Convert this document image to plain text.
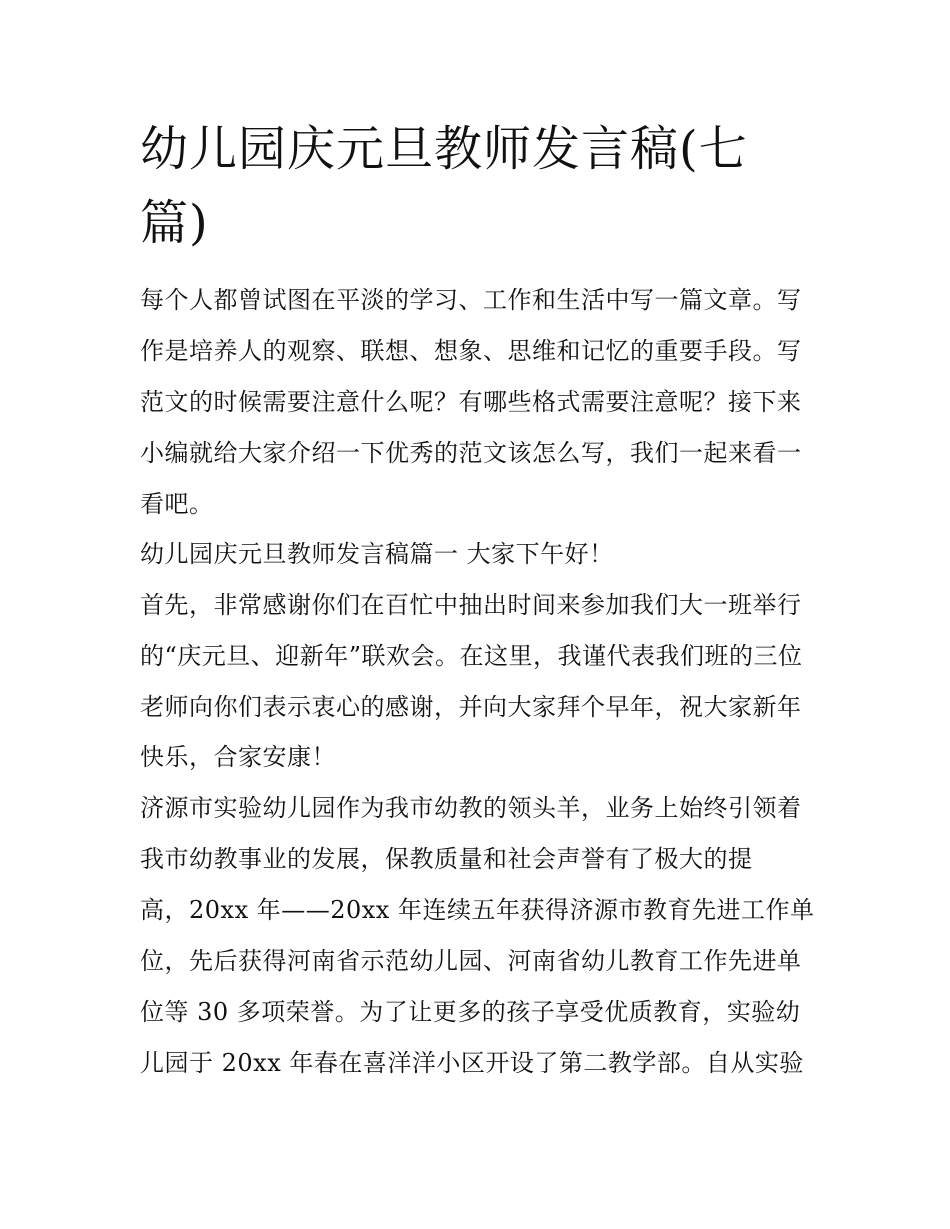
幼儿园庆元旦教师发言稿(七
篇)

每个人都曾试图在平淡的学习、工作和生活中写一篇文章。写

作是培养人的观察、联想、想象、思维和记忆的重要手段。写

范文的时候需要注意什么呢？有哪些格式需要注意呢？接下来

小编就给大家介绍一下优秀的范文该怎么写，我们一起来看一

看吧。

幼儿园庆元旦教师发言稿篇一 大家下午好！

首先，非常感谢你们在百忙中抽出时间来参加我们大一班举行

的“庆元旦、迎新年”联欢会。在这里，我谨代表我们班的三位

老师向你们表示衷心的感谢，并向大家拜个早年，祝大家新年

快乐，合家安康！

济源市实验幼儿园作为我市幼教的领头羊，业务上始终引领着

我市幼教事业的发展，保教质量和社会声誉有了极大的提

高，20xx 年——20xx 年连续五年获得济源市教育先进工作单

位，先后获得河南省示范幼儿园、河南省幼儿教育工作先进单

位等 30 多项荣誉。为了让更多的孩子享受优质教育，实验幼

儿园于 20xx 年春在喜洋洋小区开设了第二教学部。自从实验
